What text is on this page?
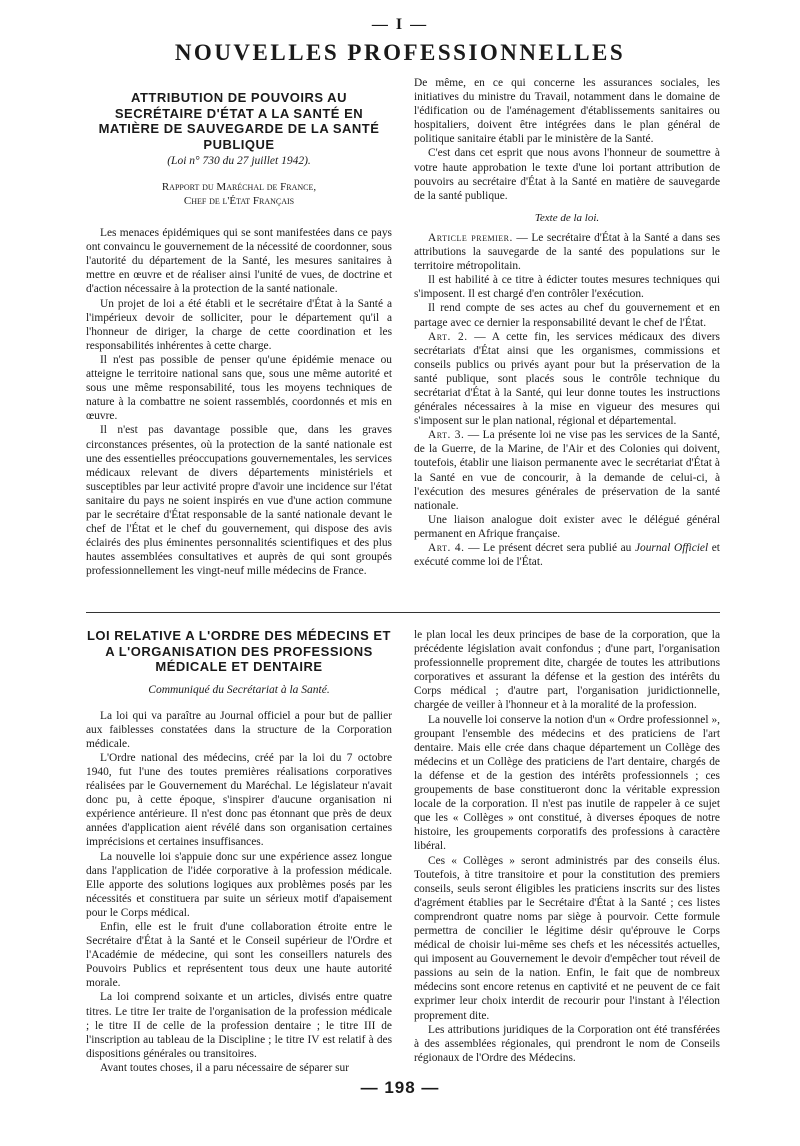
— I —
NOUVELLES PROFESSIONNELLES
ATTRIBUTION DE POUVOIRS AU SECRÉTAIRE D'ÉTAT A LA SANTÉ EN MATIÈRE DE SAUVEGARDE DE LA SANTÉ PUBLIQUE
(Loi n° 730 du 27 juillet 1942).
Rapport du Maréchal de France,
Chef de l'État Français

Les menaces épidémiques qui se sont manifestées dans ce pays ont convaincu le gouvernement de la nécessité de coordonner, sous l'autorité du département de la Santé, les mesures sanitaires à mettre en œuvre et de réaliser ainsi l'unité de vues, de doctrine et d'action nécessaire à la protection de la santé nationale.

Un projet de loi a été établi et le secrétaire d'État à la Santé a l'impérieux devoir de solliciter, pour le département qu'il a l'honneur de diriger, la charge de cette coordination et les responsabilités inhérentes à cette charge.

Il n'est pas possible de penser qu'une épidémie menace ou atteigne le territoire national sans que, sous une même autorité et sous une même responsabilité, tous les moyens techniques de nature à la combattre ne soient rassemblés, coordonnés et mis en œuvre.

Il n'est pas davantage possible que, dans les graves circonstances présentes, où la protection de la santé nationale est une des essentielles préoccupations gouvernementales, les services médicaux relevant de divers départements ministériels et susceptibles par leur activité propre d'avoir une incidence sur l'état sanitaire du pays ne soient inspirés en vue d'une action commune par le secrétaire d'État responsable de la santé nationale devant le chef de l'État et le chef du gouvernement, qui dispose des avis éclairés des plus éminentes personnalités scientifiques et des plus hautes assemblées consultatives et auprès de qui sont groupés professionnellement les vingt-neuf mille médecins de France.

De même, en ce qui concerne les assurances sociales, les initiatives du ministre du Travail, notamment dans le domaine de l'édification ou de l'aménagement d'établissements sanitaires ou hospitaliers, doivent être intégrées dans le plan général de politique sanitaire établi par le ministère de la Santé.

C'est dans cet esprit que nous avons l'honneur de soumettre à votre haute approbation le texte d'une loi portant attribution de pouvoirs au secrétaire d'État à la Santé en matière de sauvegarde de la santé publique.

Texte de la loi.

Article premier. — Le secrétaire d'État à la Santé a dans ses attributions la sauvegarde de la santé des populations sur le territoire métropolitain.

Il est habilité à ce titre à édicter toutes mesures techniques qui s'imposent. Il est chargé d'en contrôler l'exécution.

Il rend compte de ses actes au chef du gouvernement et en partage avec ce dernier la responsabilité devant le chef de l'État.

Art. 2. — A cette fin, les services médicaux des divers secrétariats d'État ainsi que les organismes, commissions et conseils publics ou privés ayant pour but la préservation de la santé publique, sont placés sous le contrôle technique du secrétariat d'État à la Santé, qui leur donne toutes les instructions générales nécessaires à la mise en vigueur des mesures qui s'imposent sur le plan national, régional et départemental.

Art. 3. — La présente loi ne vise pas les services de la Santé, de la Guerre, de la Marine, de l'Air et des Colonies qui doivent, toutefois, établir une liaison permanente avec le secrétariat d'État à la Santé en vue de concourir, à la demande de celui-ci, à l'exécution des mesures générales de préservation de la santé nationale.

Une liaison analogue doit exister avec le délégué général permanent en Afrique française.

Art. 4. — Le présent décret sera publié au Journal Officiel et exécuté comme loi de l'État.

LOI RELATIVE A L'ORDRE DES MÉDECINS ET A L'ORGANISATION DES PROFESSIONS MÉDICALE ET DENTAIRE
Communiqué du Secrétariat à la Santé.

La loi qui va paraître au Journal officiel a pour but de pallier aux faiblesses constatées dans la structure de la Corporation médicale.

L'Ordre national des médecins, créé par la loi du 7 octobre 1940, fut l'une des toutes premières réalisations corporatives réalisées par le Gouvernement du Maréchal. Le législateur n'avait donc pu, à cette époque, s'inspirer d'aucune organisation ni expérience antérieure. Il n'est donc pas étonnant que près de deux années d'application aient révélé dans son organisation certaines imprécisions et certaines insuffisances.

La nouvelle loi s'appuie donc sur une expérience assez longue dans l'application de l'idée corporative à la profession médicale. Elle apporte des solutions logiques aux problèmes posés par les nécessités et constituera par suite un sérieux motif d'apaisement pour le Corps médical.

Enfin, elle est le fruit d'une collaboration étroite entre le Secrétaire d'État à la Santé et le Conseil supérieur de l'Ordre et l'Académie de médecine, qui sont les conseillers naturels des Pouvoirs Publics et représentent tous deux une haute autorité morale.

La loi comprend soixante et un articles, divisés entre quatre titres. Le titre Ier traite de l'organisation de la profession médicale ; le titre II de celle de la profession dentaire ; le titre III de l'inscription au tableau de la Discipline ; le titre IV est relatif à des dispositions générales ou transitoires.

Avant toutes choses, il a paru nécessaire de séparer sur

le plan local les deux principes de base de la corporation, que la précédente législation avait confondus ; d'une part, l'organisation professionnelle proprement dite, chargée de toutes les attributions corporatives et assurant la défense et la gestion des intérêts du Corps médical ; d'autre part, l'organisation juridictionnelle, chargée de veiller à l'honneur et à la moralité de la profession.

La nouvelle loi conserve la notion d'un « Ordre professionnel », groupant l'ensemble des médecins et des praticiens de l'art dentaire. Mais elle crée dans chaque département un Collège des médecins et un Collège des praticiens de l'art dentaire, chargés de la défense et de la gestion des intérêts professionnels ; ces groupements de base constitueront donc la véritable expression locale de la corporation. Il n'est pas inutile de rappeler à ce sujet que les « Collèges » ont constitué, à diverses époques de notre histoire, les groupements corporatifs des professions à caractère libéral.

Ces « Collèges » seront administrés par des conseils élus. Toutefois, à titre transitoire et pour la constitution des premiers conseils, seuls seront éligibles les praticiens inscrits sur des listes d'agrément établies par le Secrétaire d'État à la Santé ; ces listes comprendront quatre noms par siège à pourvoir. Cette formule permettra de concilier le légitime désir qu'éprouve le Corps médical de choisir lui-même ses chefs et les nécessités actuelles, qui imposent au Gouvernement le devoir d'empêcher tout réveil de passions au sein de la nation. Enfin, le fait que de nombreux médecins sont encore retenus en captivité et ne peuvent de ce fait exprimer leur choix interdit de recourir pour l'instant à l'élection proprement dite.

Les attributions juridiques de la Corporation ont été transférées à des assemblées régionales, qui prendront le nom de Conseils régionaux de l'Ordre des Médecins.

— 198 —
